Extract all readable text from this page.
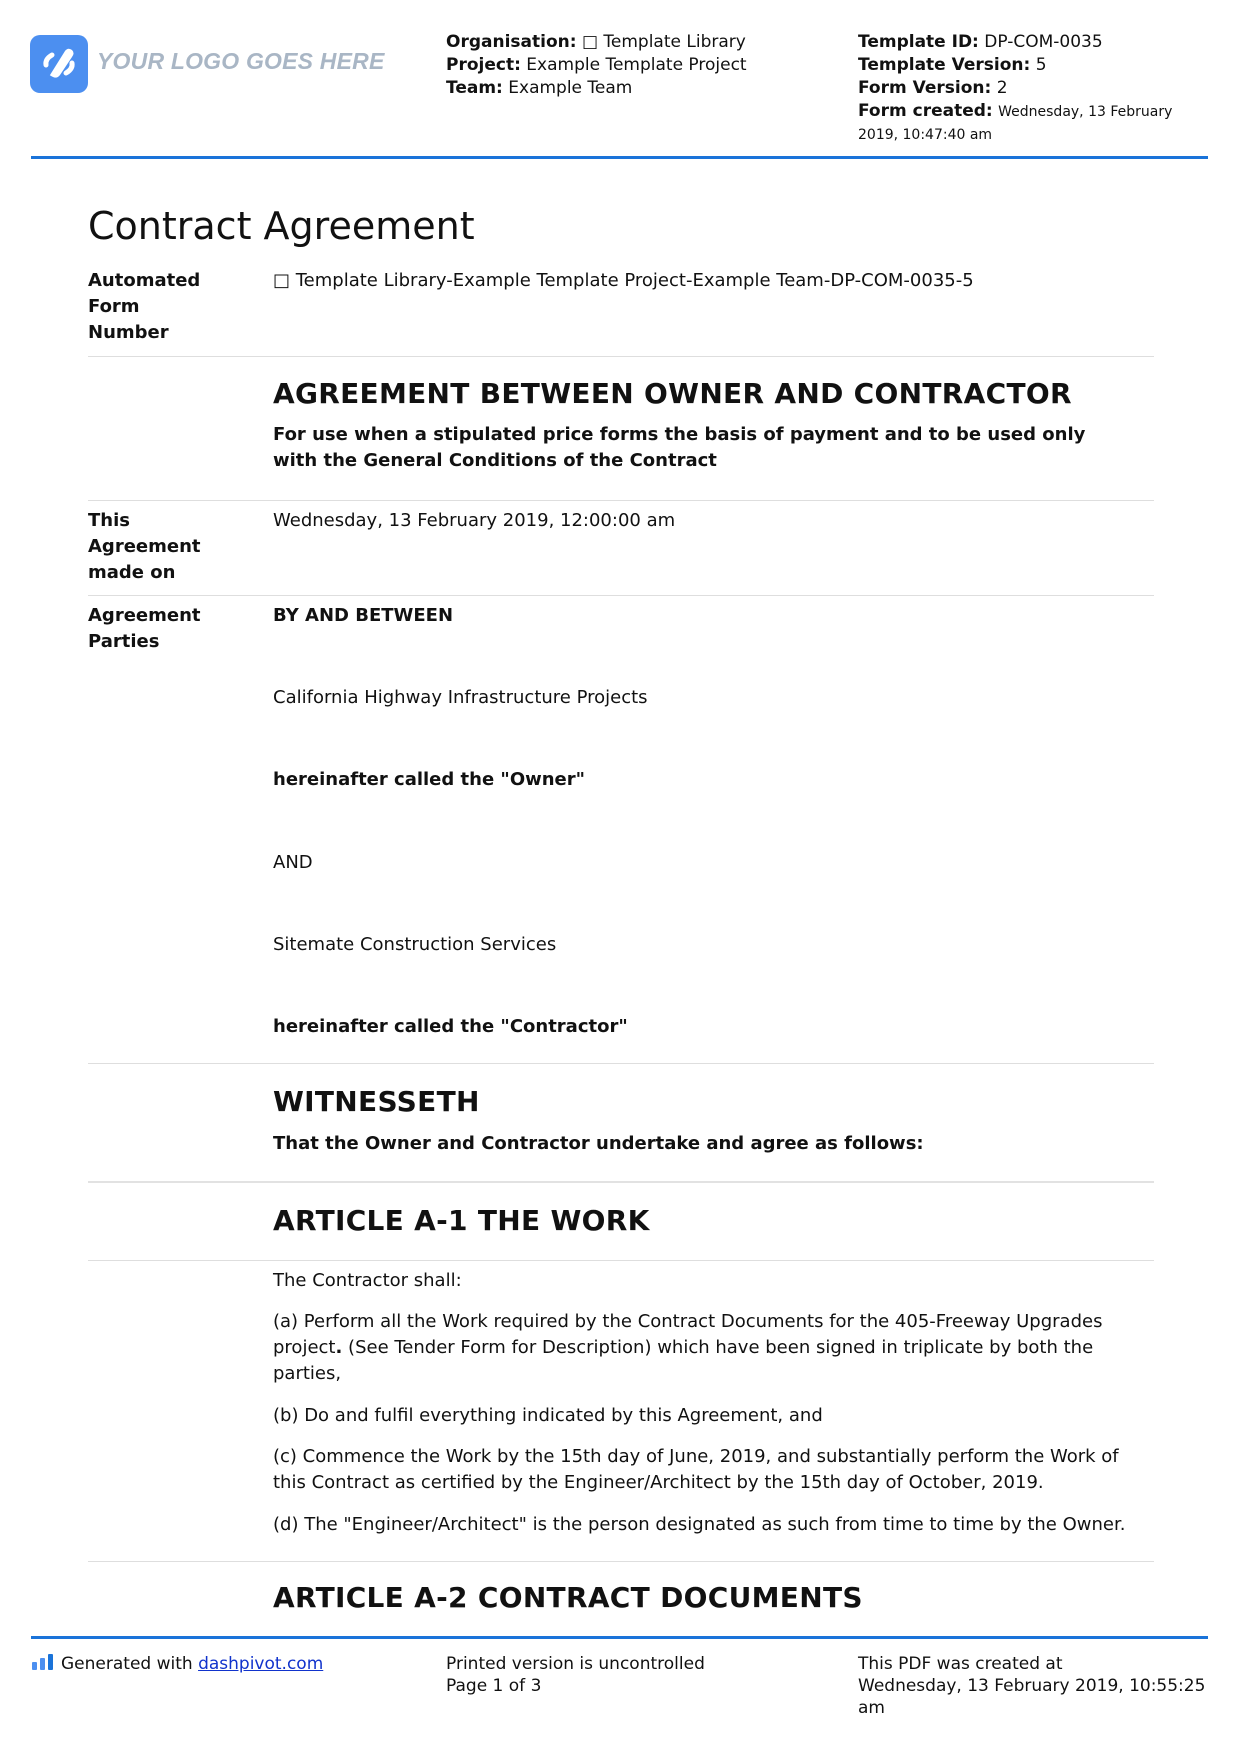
YOUR LOGO GOES HERE
Organisation: □ Template Library
Project: Example Template Project
Team: Example Team
Template ID: DP-COM-0035
Template Version: 5
Form Version: 2
Form created: Wednesday, 13 February
2019, 10:47:40 am
Contract Agreement
Automated
Form
Number
□ Template Library-Example Template Project-Example Team-DP-COM-0035-5
AGREEMENT BETWEEN OWNER AND CONTRACTOR
For use when a stipulated price forms the basis of payment and to be used only
with the General Conditions of the Contract
This
Agreement
made on
Wednesday, 13 February 2019, 12:00:00 am
Agreement
Parties
BY AND BETWEEN
California Highway Infrastructure Projects
hereinafter called the "Owner"
AND
Sitemate Construction Services
hereinafter called the "Contractor"
WITNESSETH
That the Owner and Contractor undertake and agree as follows:
ARTICLE A-1 THE WORK
The Contractor shall:
(a) Perform all the Work required by the Contract Documents for the 405-Freeway Upgrades
project. (See Tender Form for Description) which have been signed in triplicate by both the
parties,
(b) Do and fulfil everything indicated by this Agreement, and
(c) Commence the Work by the 15th day of June, 2019, and substantially perform the Work of
this Contract as certified by the Engineer/Architect by the 15th day of October, 2019.
(d) The "Engineer/Architect" is the person designated as such from time to time by the Owner.
ARTICLE A-2 CONTRACT DOCUMENTS
Generated with dashpivot.com	Printed version is uncontrolled
Page 1 of 3
This PDF was created at
Wednesday, 13 February 2019, 10:55:25
am
